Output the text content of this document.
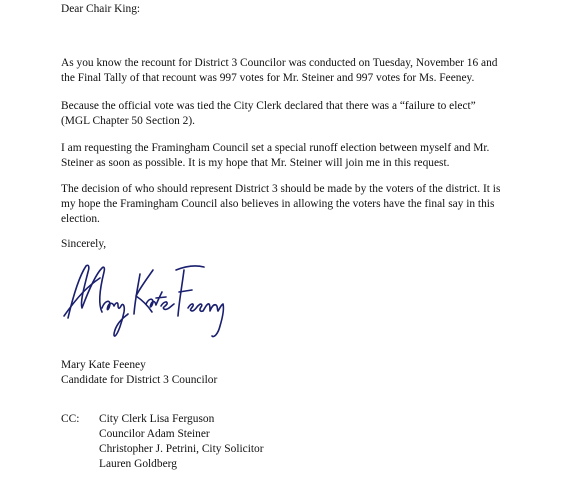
Dear Chair King:
As you know the recount for District 3 Councilor was conducted on Tuesday, November 16 and
the Final Tally of that recount was 997 votes for Mr. Steiner and 997 votes for Ms. Feeney.
Because the official vote was tied the City Clerk declared that there was a “failure to elect”
(MGL Chapter 50 Section 2).
I am requesting the Framingham Council set a special runoff election between myself and Mr.
Steiner as soon as possible. It is my hope that Mr. Steiner will join me in this request.
The decision of who should represent District 3 should be made by the voters of the district. It is
my hope the Framingham Council also believes in allowing the voters have the final say in this
election.
Sincerely,
Mary Kate Feeney
Candidate for District 3 Councilor
CC: City Clerk Lisa Ferguson
Councilor Adam Steiner
Christopher J. Petrini, City Solicitor
Lauren Goldberg
